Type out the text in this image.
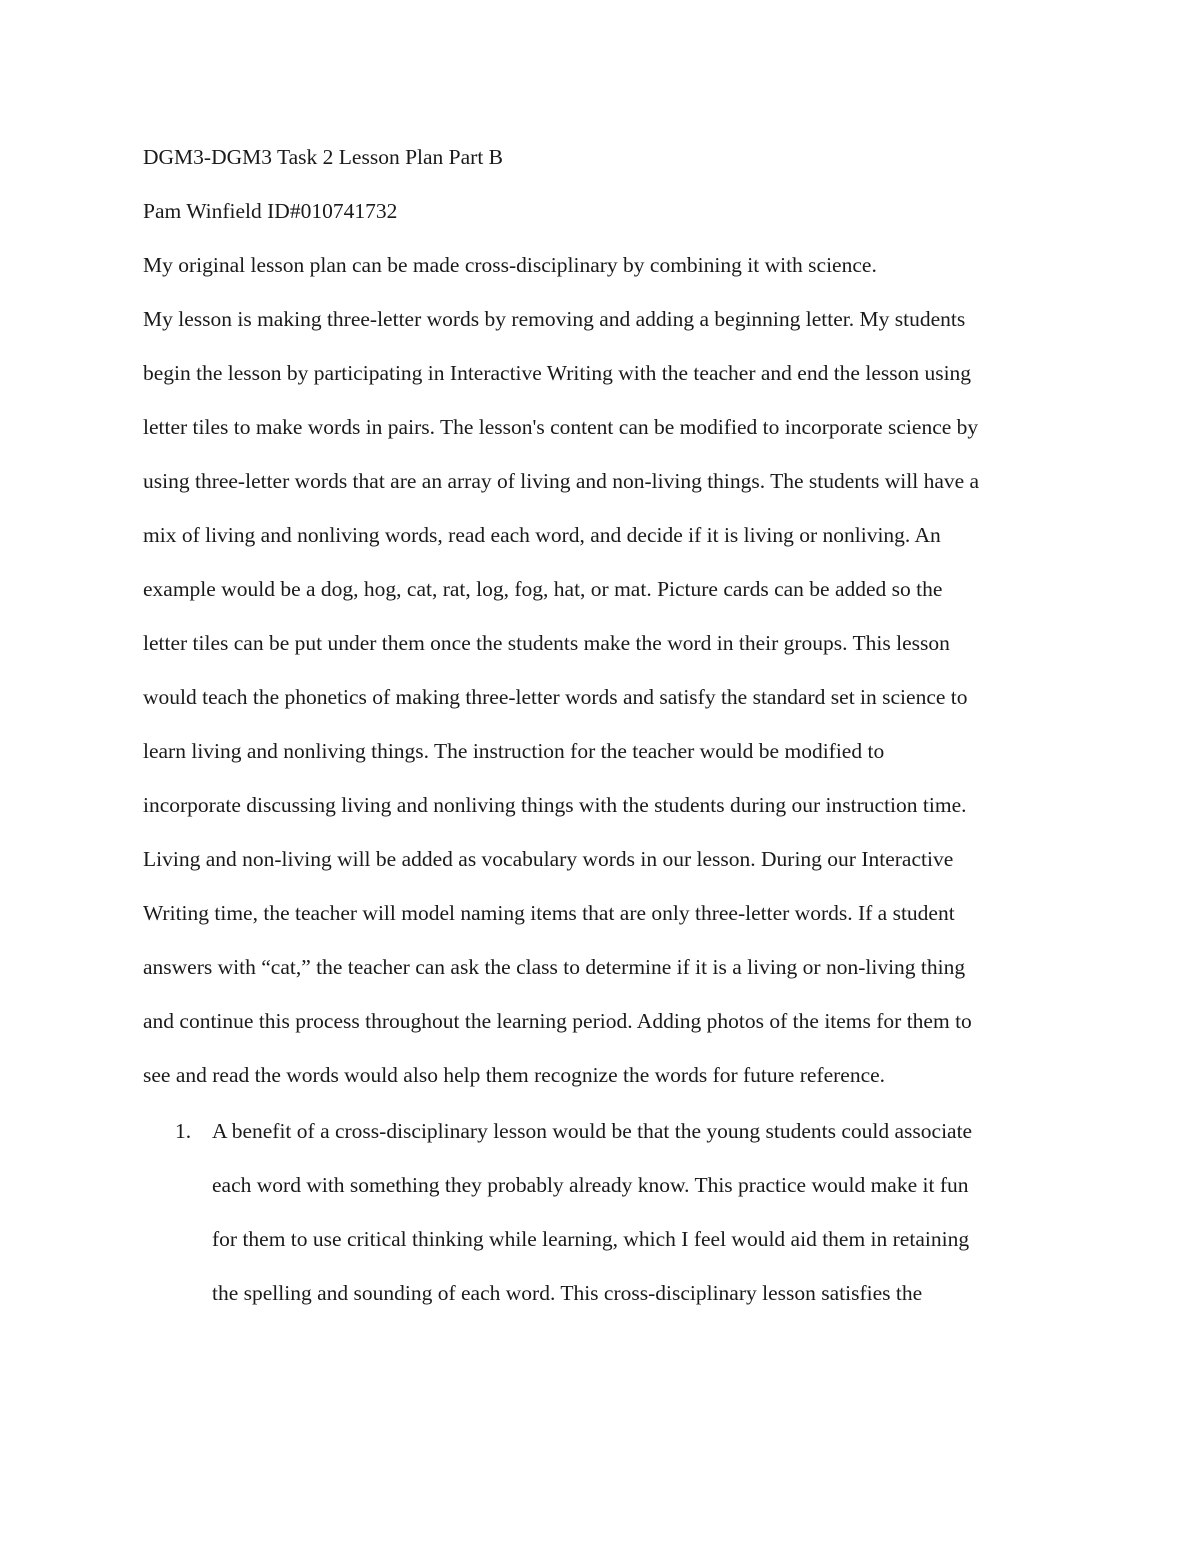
DGM3-DGM3 Task 2 Lesson Plan Part B
Pam Winfield ID#010741732
My original lesson plan can be made cross-disciplinary by combining it with science.
My lesson is making three-letter words by removing and adding a beginning letter. My students
begin the lesson by participating in Interactive Writing with the teacher and end the lesson using
letter tiles to make words in pairs. The lesson's content can be modified to incorporate science by
using three-letter words that are an array of living and non-living things. The students will have a
mix of living and nonliving words, read each word, and decide if it is living or nonliving. An
example would be a dog, hog, cat, rat, log, fog, hat, or mat. Picture cards can be added so the
letter tiles can be put under them once the students make the word in their groups. This lesson
would teach the phonetics of making three-letter words and satisfy the standard set in science to
learn living and nonliving things. The instruction for the teacher would be modified to
incorporate discussing living and nonliving things with the students during our instruction time.
Living and non-living will be added as vocabulary words in our lesson. During our Interactive
Writing time, the teacher will model naming items that are only three-letter words. If a student
answers with “cat,” the teacher can ask the class to determine if it is a living or non-living thing
and continue this process throughout the learning period. Adding photos of the items for them to
see and read the words would also help them recognize the words for future reference.
1. A benefit of a cross-disciplinary lesson would be that the young students could associate
each word with something they probably already know. This practice would make it fun
for them to use critical thinking while learning, which I feel would aid them in retaining
the spelling and sounding of each word. This cross-disciplinary lesson satisfies the
